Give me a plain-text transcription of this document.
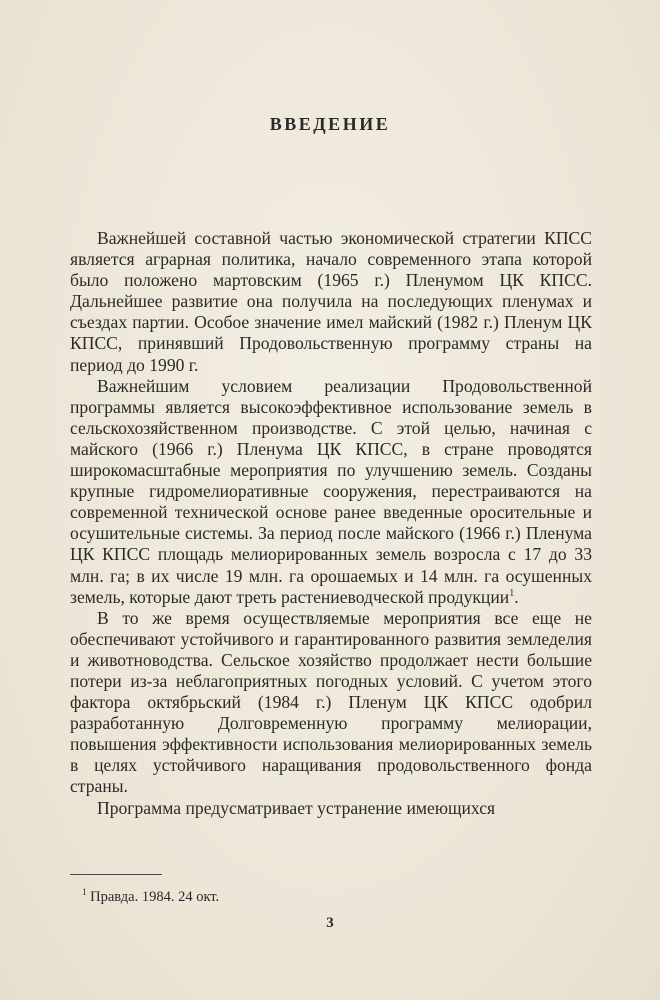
ВВЕДЕНИЕ

Важнейшей составной частью экономической стратегии КПСС является аграрная политика, начало современного этапа которой было положено мартовским (1965 г.) Пленумом ЦК КПСС. Дальнейшее развитие она получила на последующих пленумах и съездах партии. Особое значение имел майский (1982 г.) Пленум ЦК КПСС, принявший Продовольственную программу страны на период до 1990 г.

Важнейшим условием реализации Продовольственной программы является высокоэффективное использование земель в сельскохозяйственном производстве. С этой целью, начиная с майского (1966 г.) Пленума ЦК КПСС, в стране проводятся широкомасштабные мероприятия по улучшению земель. Созданы крупные гидромелиоративные сооружения, перестраиваются на современной технической основе ранее введенные оросительные и осушительные системы. За период после майского (1966 г.) Пленума ЦК КПСС площадь мелиорированных земель возросла с 17 до 33 млн. га; в их числе 19 млн. га орошаемых и 14 млн. га осушенных земель, которые дают треть растениеводческой продукции$^1$.

В то же время осуществляемые мероприятия все еще не обеспечивают устойчивого и гарантированного развития земледелия и животноводства. Сельское хозяйство продолжает нести большие потери из-за неблагоприятных погодных условий. С учетом этого фактора октябрьский (1984 г.) Пленум ЦК КПСС одобрил разработанную Долговременную программу мелиорации, повышения эффективности использования мелиорированных земель в целях устойчивого наращивания продовольственного фонда страны.

Программа предусматривает устранение имеющихся

$^1$ Правда. 1984. 24 окт.
3
